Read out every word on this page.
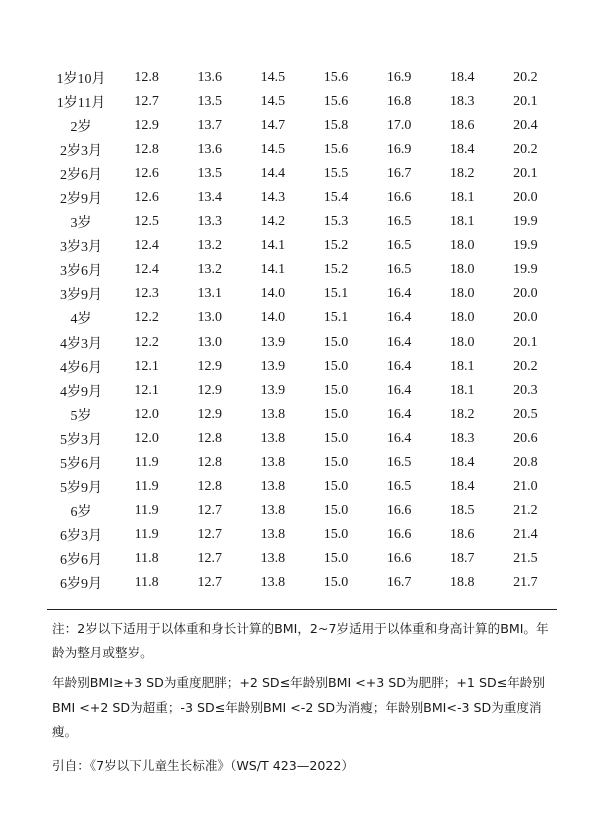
1岁10月	12.8	13.6	14.5	15.6	16.9	18.4	20.2
1岁11月	12.7	13.5	14.5	15.6	16.8	18.3	20.1
2岁	12.9	13.7	14.7	15.8	17.0	18.6	20.4
2岁3月	12.8	13.6	14.5	15.6	16.9	18.4	20.2
2岁6月	12.6	13.5	14.4	15.5	16.7	18.2	20.1
2岁9月	12.6	13.4	14.3	15.4	16.6	18.1	20.0
3岁	12.5	13.3	14.2	15.3	16.5	18.1	19.9
3岁3月	12.4	13.2	14.1	15.2	16.5	18.0	19.9
3岁6月	12.4	13.2	14.1	15.2	16.5	18.0	19.9
3岁9月	12.3	13.1	14.0	15.1	16.4	18.0	20.0
4岁	12.2	13.0	14.0	15.1	16.4	18.0	20.0
4岁3月	12.2	13.0	13.9	15.0	16.4	18.0	20.1
4岁6月	12.1	12.9	13.9	15.0	16.4	18.1	20.2
4岁9月	12.1	12.9	13.9	15.0	16.4	18.1	20.3
5岁	12.0	12.9	13.8	15.0	16.4	18.2	20.5
5岁3月	12.0	12.8	13.8	15.0	16.4	18.3	20.6
5岁6月	11.9	12.8	13.8	15.0	16.5	18.4	20.8
5岁9月	11.9	12.8	13.8	15.0	16.5	18.4	21.0
6岁	11.9	12.7	13.8	15.0	16.6	18.5	21.2
6岁3月	11.9	12.7	13.8	15.0	16.6	18.6	21.4
6岁6月	11.8	12.7	13.8	15.0	16.6	18.7	21.5
6岁9月	11.8	12.7	13.8	15.0	16.7	18.8	21.7

注：2岁以下适用于以体重和身长计算的BMI，2~7岁适用于以体重和身高计算的BMI。年龄为整月或整岁。

年龄别BMI≥+3 SD为重度肥胖；+2 SD≤年龄别BMI <+3 SD为肥胖；+1 SD≤年龄别BMI <+2 SD为超重；-3 SD≤年龄别BMI <-2 SD为消瘦；年龄别BMI<-3 SD为重度消瘦。

引自：《7岁以下儿童生长标准》（WS/T 423—2022）
